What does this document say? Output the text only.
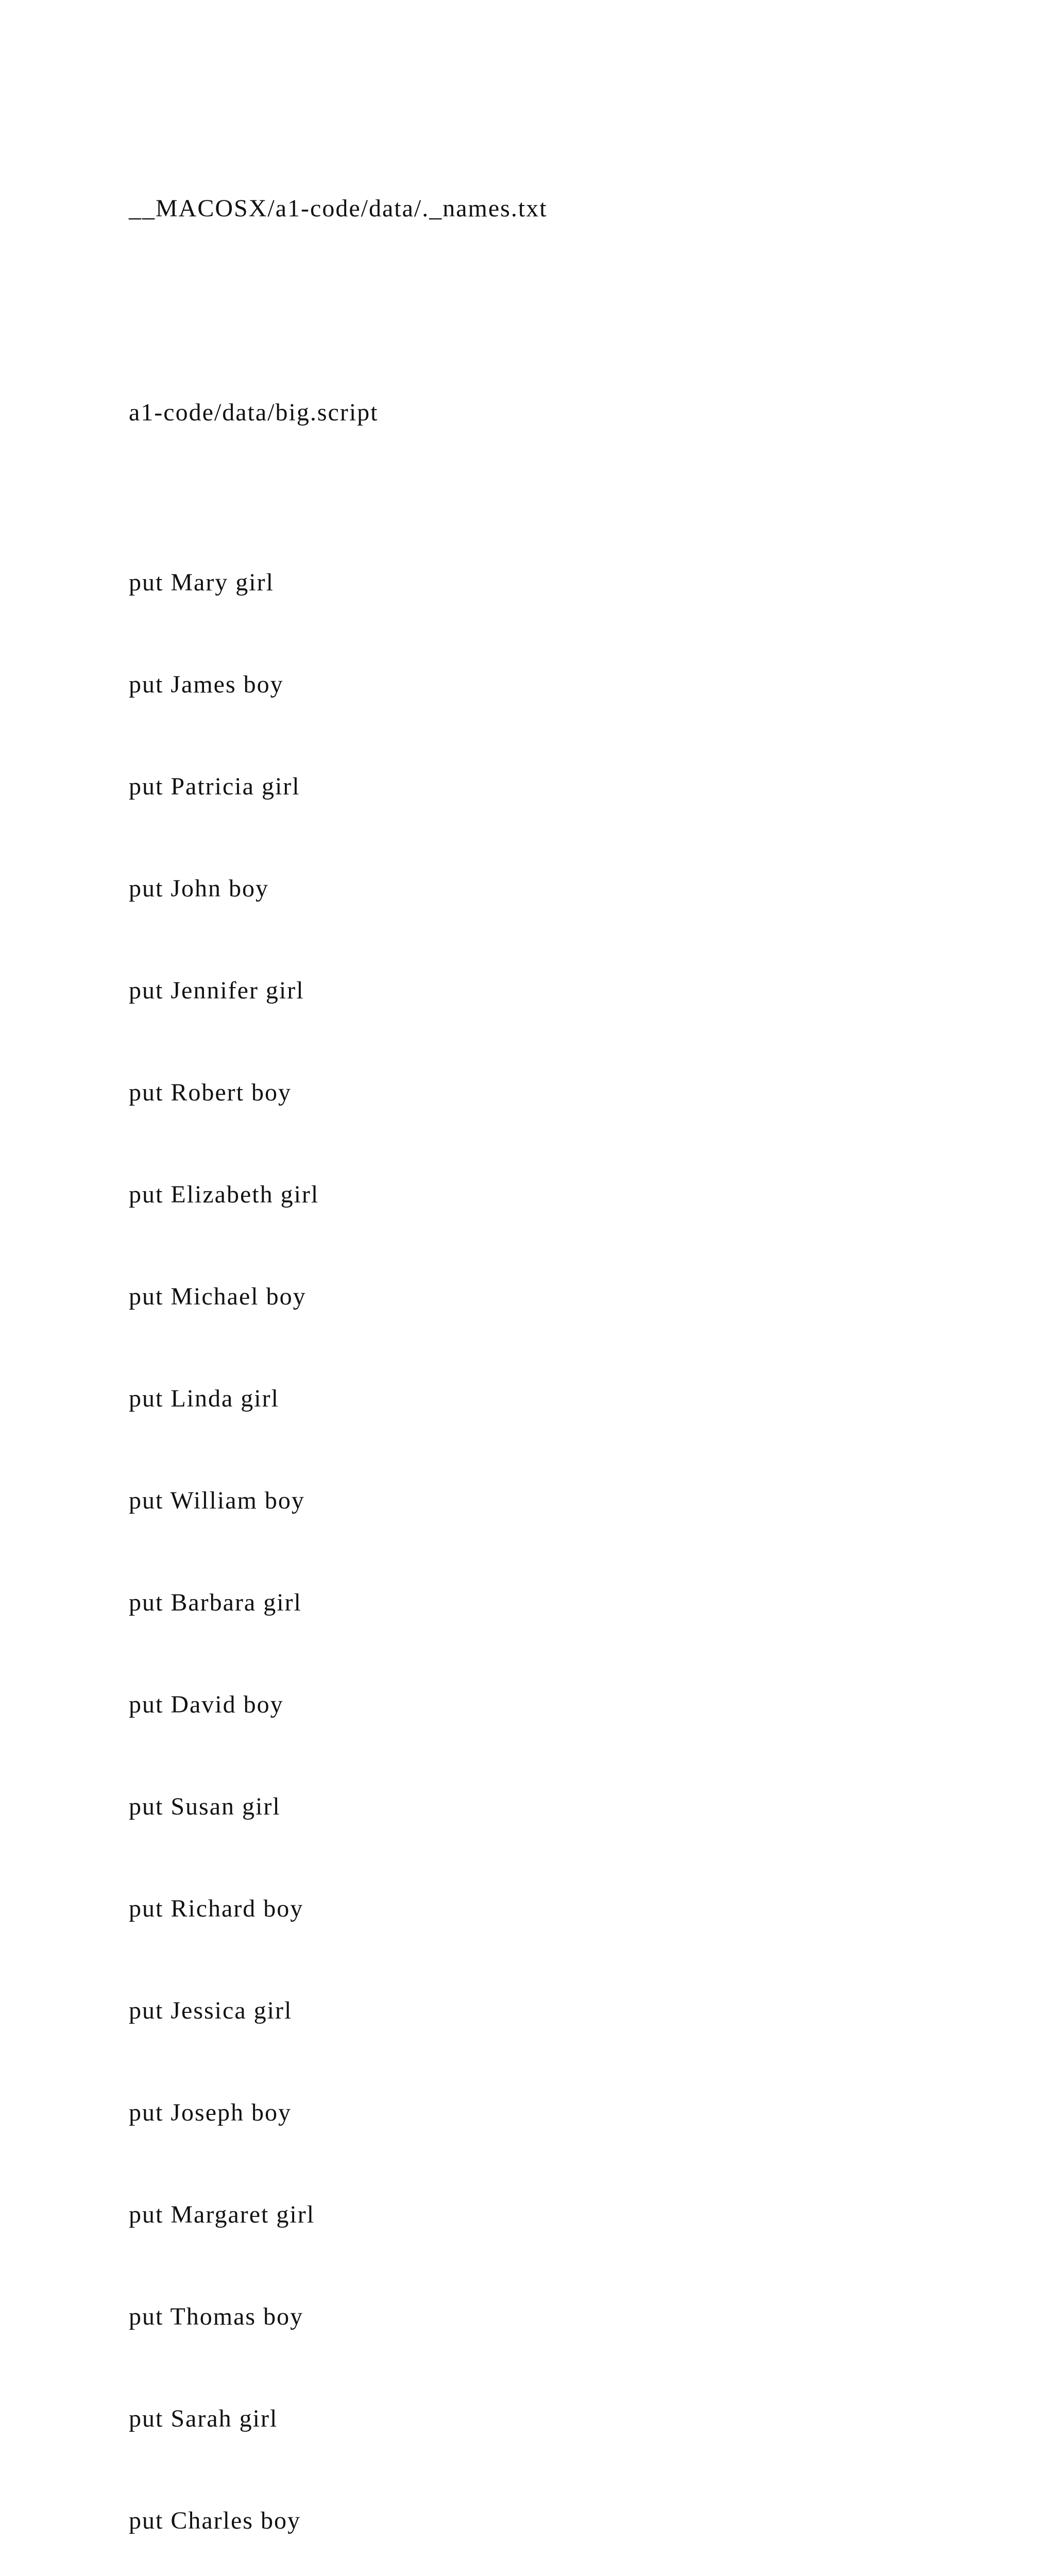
__MACOSX/a1-code/data/._names.txt

a1-code/data/big.script

put Mary girl

put James boy

put Patricia girl

put John boy

put Jennifer girl

put Robert boy

put Elizabeth girl

put Michael boy

put Linda girl

put William boy

put Barbara girl

put David boy

put Susan girl

put Richard boy

put Jessica girl

put Joseph boy

put Margaret girl

put Thomas boy

put Sarah girl

put Charles boy
